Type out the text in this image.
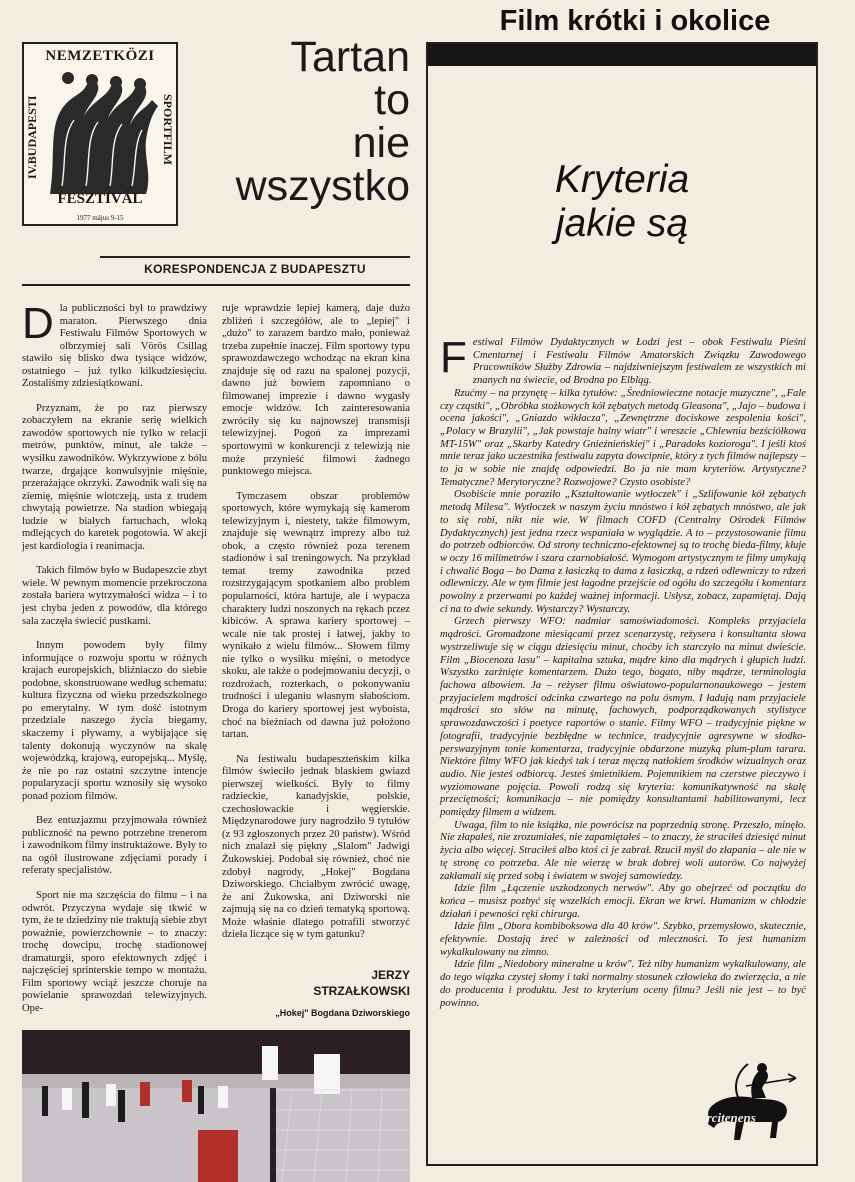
NEMZETKÖZI
IV.BUDAPESTI	SPORTFILM
FESZTIVÁL
1977 május 9-15
Tartan
to
nie
wszystko
KORESPONDENCJA Z BUDAPESZTU

Dla publiczności był to prawdziwy maraton. Pierwszego dnia Festiwalu Filmów Sportowych w olbrzymiej sali Vörös Csillag stawiło się blisko dwa tysiące widzów, ostatniego – już tylko kilkudziesięciu. Zostaliśmy zdziesiątkowani.

Przyznam, że po raz pierwszy zobaczyłem na ekranie serię wielkich zawodów sportowych nie tylko w relacji metrów, punktów, minut, ale także – wysiłku zawodników. Wykrzywione z bólu twarze, drgające konwulsyjnie mięśnie, przerażające okrzyki. Zawodnik wali się na ziemię, mięśnie wiotczeją, usta z trudem chwytają powietrze. Na stadion wbiegają ludzie w białych fartuchach, wloką mdlejących do karetek pogotowia. W akcji jest kardiologia i reanimacja.

Takich filmów było w Budapeszcie zbyt wiele. W pewnym momencie przekroczona została bariera wytrzymałości widza – i to jest chyba jeden z powodów, dla którego sala zaczęła świecić pustkami.

Innym powodem były filmy informujące o rozwoju sportu w różnych krajach europejskich, bliźniaczo do siebie podobne, skonstruowane według schematu: kultura fizyczna od wieku przedszkolnego po emerytalny. W tym dość istotnym przedziale naszego życia biegamy, skaczemy i pływamy, a wybijające się talenty dokonują wyczynów na skalę wojewódzką, krajową, europejską... Myślę, że nie po raz ostatni szczytne intencje popularyzacji sportu wznosiły się wysoko ponad poziom filmów.

Bez entuzjazmu przyjmowała również publiczność na pewno potrzebne trenerom i zawodnikom filmy instruktażowe. Były to na ogół ilustrowane zdjęciami porady i referaty specjalistów.

Sport nie ma szczęścia do filmu – i na odwrót. Przyczyna wydaje się tkwić w tym, że te dziedziny nie traktują siebie zbyt poważnie, powierzchownie – to znaczy: trochę dowcipu, trochę stadionowej dramaturgii, sporo efektownych zdjęć i najczęściej sprinterskie tempo w montażu. Film sportowy wciąż jeszcze choruje na powielanie sprawozdań telewizyjnych. Ope-

ruje wprawdzie lepiej kamerą, daje dużo zbliżeń i szczegółów, ale to „lepiej" i „dużo" to zarazem bardzo mało, ponieważ trzeba zupełnie inaczej. Film sportowy typu sprawozdawczego wchodząc na ekran kina znajduje się od razu na spalonej pozycji, dawno już bowiem zapomniano o filmowanej imprezie i dawno wygasły emocje widzów. Ich zainteresowania zwróciły się ku najnowszej transmisji telewizyjnej. Pogoń za imprezami sportowymi w konkurencji z telewizją nie może przynieść filmowi żadnego punktowego miejsca.

Tymczasem obszar problemów sportowych, które wymykają się kamerom telewizyjnym i, niestety, także filmowym, znajduje się wewnątrz imprezy albo tuż obok, a często również poza terenem stadionów i sal treningowych. Na przykład temat tremy zawodnika przed rozstrzygającym spotkaniem albo problem popularności, która hartuje, ale i wypacza charaktery ludzi noszonych na rękach przez kibiców. A sprawa kariery sportowej – wcale nie tak prostej i łatwej, jakby to wynikało z wielu filmów... Słowem filmy nie tylko o wysiłku mięśni, o metodyce skoku, ale także o podejmowaniu decyzji, o rozdrożach, rozterkach, o pokonywaniu trudności i uleganiu własnym słabościom. Droga do kariery sportowej jest wyboista, choć na bieżniach od dawna już położono tartan.

Na festiwalu budapeszteńskim kilka filmów świeciło jednak blaskiem gwiazd pierwszej wielkości. Były to filmy radzieckie, kanadyjskie, polskie, czechosłowackie i węgierskie. Międzynarodowe jury nagrodziło 9 tytułów (z 93 zgłoszonych przez 20 państw). Wśród nich znalazł się piękny „Slalom" Jadwigi Żukowskiej. Podobał się również, choć nie zdobył nagrody, „Hokej" Bogdana Dziworskiego. Chciałbym zwrócić uwagę, że ani Żukowska, ani Dziworski nie zajmują się na co dzień tematyką sportową. Może właśnie dlatego potrafili stworzyć dzieła liczące się w tym gatunku?

JERZY
STRZAŁKOWSKI
„Hokej" Bogdana Dziworskiego
Film krótki i okolice
Kryteria
jakie są

Festiwal Filmów Dydaktycznych w Łodzi jest – obok Festiwalu Pieśni Cmentarnej i Festiwalu Filmów Amatorskich Związku Zawodowego Pracowników Służby Zdrowia – najdziwniejszym festiwalem ze wszystkich mi znanych na świecie, od Brodna po Elbląg.

Rzućmy – na przynętę – kilka tytułów: „Średniowieczne notacje muzyczne", „Fale czy cząstki", „Obróbka stożkowych kół zębatych metodą Gleasona", „Jajo – budowa i ocena jakości", „Gniazdo wikłacza", „Zewnętrzne dociskowe zespolenia kości", „Polacy w Brazylii", „Jak powstaje halny wiatr" i wreszcie „Chlewnia bezściółkowa MT-15W" oraz „Skarby Katedry Gnieźnieńskiej" i „Paradoks kozioroga". I jeśli ktoś mnie teraz jako uczestnika festiwalu zapyta dowcipnie, który z tych filmów najlepszy – to ja w sobie nie znajdę odpowiedzi. Bo ja nie mam kryteriów. Artystyczne? Tematyczne? Merytoryczne? Rozwojowe? Czysto osobiste?

Osobiście mnie poraziło „Kształtowanie wytłoczek" i „Szlifowanie kół zębatych metodą Milesa". Wytłoczek w naszym życiu mnóstwo i kół zębatych mnóstwo, ale jak to się robi, nikt nie wie. W filmach COFD (Centralny Ośrodek Filmów Dydaktycznych) jest jedna rzecz wspaniała w wyglądzie. A to – przystosowanie filmu do potrzeb odbiorców. Od strony techniczno-efektownej są to trochę bieda-filmy, kłuje w oczy 16 milimetrów i szara czarnobiałość. Wymogom artystycznym te filmy umykają i chwalić Boga – bo Dama z łasiczką to dama z łasiczką, a rdzeń odlewniczy to rdzeń odlewniczy. Ale w tym filmie jest łagodne przejście od ogółu do szczegółu i komentarz powolny z przerwami po każdej ważnej informacji. Usłysz, zobacz, zapamiętaj. Dają ci na to dwie sekundy. Wystarczy? Wystarczy.

Grzech pierwszy WFO: nadmiar samoświadomości. Kompleks przyjaciela mądrości. Gromadzone miesiącami przez scenarzystę, reżysera i konsultanta słowa wystrzeliwuje się w ciągu dziesięciu minut, choćby ich starczyło na minut dwieście. Film „Biocenoza lasu" – kapitalna sztuka, mądre kino dla mądrych i głupich ludzi. Wszystko zarżnięte komentarzem. Dużo tego, bogato, niby mądrze, terminologia fachowa albowiem. Ja – reżyser filmu oświatowo-popularnonaukowego – jestem przyjacielem mądrości odcinka czwartego na polu ósmym. I ładują nam przyjaciele mądrości sto słów na minutę, fachowych, podporządkowanych stylistyce sprawozdawczości i poetyce raportów o stanie. Filmy WFO – tradycyjnie piękne w fotografii, tradycyjnie bezbłędne w technice, tradycyjnie agresywne w słodko-perswazyjnym tonie komentarza, tradycyjnie obdarzone muzyką plum-plum tarara. Niektóre filmy WFO jak kiedyś tak i teraz męczą natłokiem środków wizualnych oraz audio. Nie jesteś odbiorcą. Jesteś śmietnikiem. Pojemnikiem na czerstwe pieczywo i wyziomowane pojęcia. Powoli rodzą się kryteria: komunikatywność na skalę przeciętności; komunikacja – nie pomiędzy konsultantami habilitowanymi, lecz pomiędzy filmem a widzem.

Uwaga, film to nie książka, nie powrócisz na poprzednią stronę. Przeszło, minęło. Nie złapałeś, nie zrozumiałeś, nie zapamiętałeś – to znaczy, że straciłeś dziesięć minut życia albo więcej. Straciłeś albo ktoś ci je zabrał. Rzucił myśl do złapania – ale nie w tę stronę co potrzeba. Ale nie wierzę w brak dobrej woli autorów. Co najwyżej zakłamali się przed sobą i światem w swojej samowiedzy.

Idzie film „Łączenie uszkodzonych nerwów". Aby go obejrzeć od początku do końca – musisz pozbyć się wszelkich emocji. Ekran we krwi. Humanizm w chłodzie działań i pewności ręki chirurga.

Idzie film „Obora kombiboksowa dla 40 krów". Szybko, przemysłowo, skutecznie, efektywnie. Dostają żreć w zależności od mleczności. To jest humanizm wykalkulowany na zimno.

Idzie film „Niedobory mineralne u krów". Też niby humanizm wykalkulowany, ale do tego wiązka czystej słomy i taki normalny stosunek człowieka do zwierzęcia, a nie do producenta i produktu. Jest to kryterium oceny filmu? Jeśli nie jest – to być powinno.

Arcitenens
